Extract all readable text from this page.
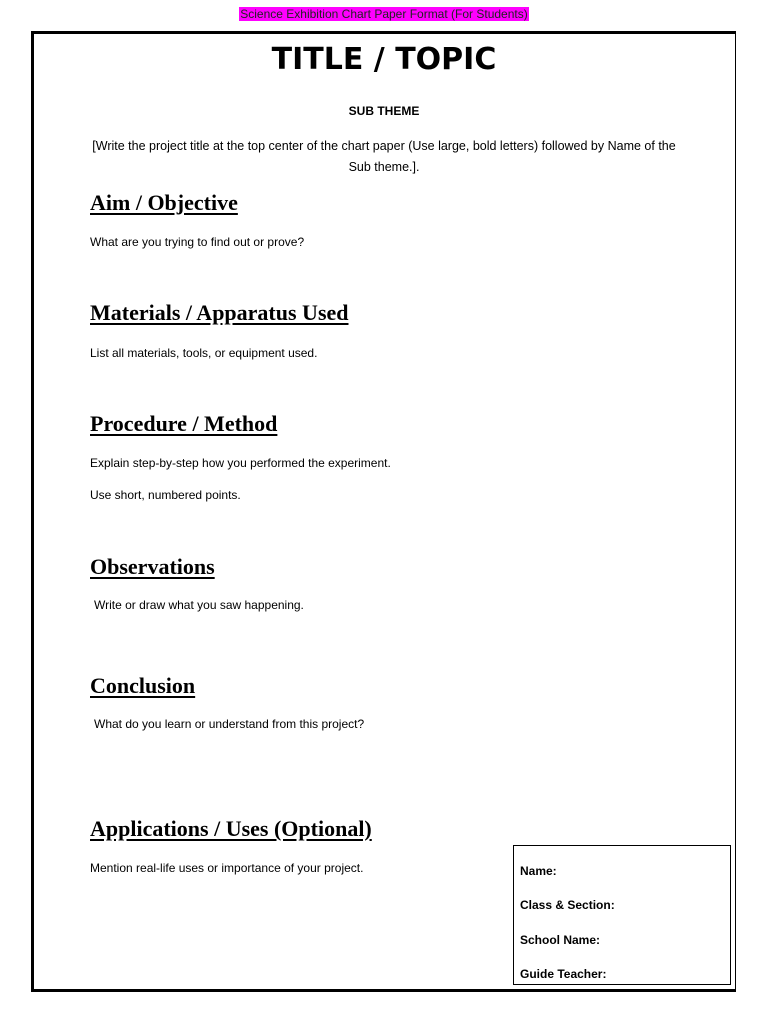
Science Exhibition Chart Paper Format (For Students)
TITLE / TOPIC
SUB THEME
[Write the project title at the top center of the chart paper (Use large, bold letters) followed by Name of the Sub theme.].
Aim / Objective
What are you trying to find out or prove?
Materials / Apparatus Used
List all materials, tools, or equipment used.
Procedure / Method
Explain step-by-step how you performed the experiment.
Use short, numbered points.
Observations
Write or draw what you saw happening.
Conclusion
What do you learn or understand from this project?
Applications / Uses (Optional)
Mention real-life uses or importance of your project.	Name:
Class & Section:
School Name:
Guide Teacher:
